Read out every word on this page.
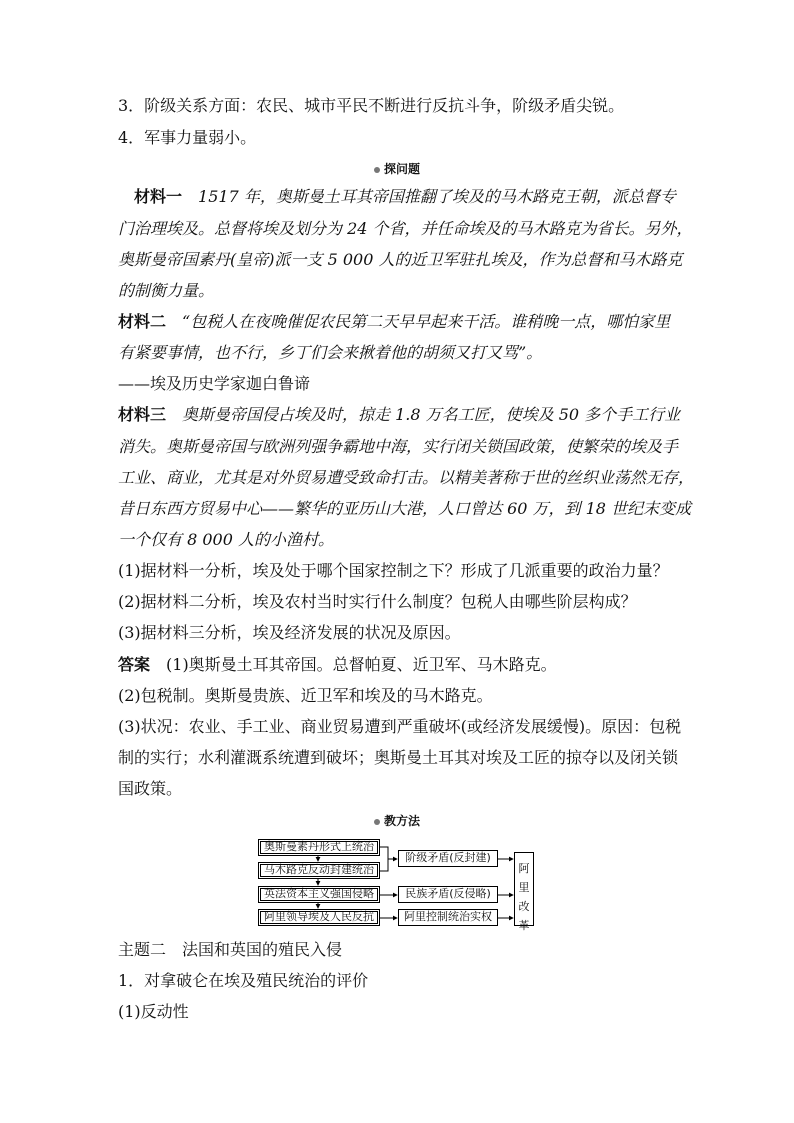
3．阶级关系方面：农民、城市平民不断进行反抗斗争，阶级矛盾尖锐。
4．军事力量弱小。
探问题
材料一　1517 年，奥斯曼土耳其帝国推翻了埃及的马木路克王朝，派总督专
门治理埃及。总督将埃及划分为 24 个省，并任命埃及的马木路克为省长。另外，
奥斯曼帝国素丹(皇帝)派一支 5 000 人的近卫军驻扎埃及，作为总督和马木路克
的制衡力量。
材料二　“包税人在夜晚催促农民第二天早早起来干活。谁稍晚一点，哪怕家里
有紧要事情，也不行，乡丁们会来揪着他的胡须又打又骂”。
——埃及历史学家迦白鲁谛
材料三　奥斯曼帝国侵占埃及时，掠走 1.8 万名工匠，使埃及 50 多个手工行业
消失。奥斯曼帝国与欧洲列强争霸地中海，实行闭关锁国政策，使繁荣的埃及手
工业、商业，尤其是对外贸易遭受致命打击。以精美著称于世的丝织业荡然无存，
昔日东西方贸易中心——繁华的亚历山大港，人口曾达 60 万，到 18 世纪末变成
一个仅有 8 000 人的小渔村。
(1)据材料一分析，埃及处于哪个国家控制之下？形成了几派重要的政治力量？
(2)据材料二分析，埃及农村当时实行什么制度？包税人由哪些阶层构成？
(3)据材料三分析，埃及经济发展的状况及原因。
答案　(1)奥斯曼土耳其帝国。总督帕夏、近卫军、马木路克。
(2)包税制。奥斯曼贵族、近卫军和埃及的马木路克。
(3)状况：农业、手工业、商业贸易遭到严重破坏(或经济发展缓慢)。原因：包税
制的实行；水利灌溉系统遭到破坏；奥斯曼土耳其对埃及工匠的掠夺以及闭关锁
国政策。
教方法
奥斯曼素丹形式上统治
马木路克反动封建统治
英法资本主义强国侵略
阿里领导埃及人民反抗
阶级矛盾(反封建)
民族矛盾(反侵略)
阿里控制统治实权
阿
里
改
革
主题二　法国和英国的殖民入侵
1．对拿破仑在埃及殖民统治的评价
(1)反动性
